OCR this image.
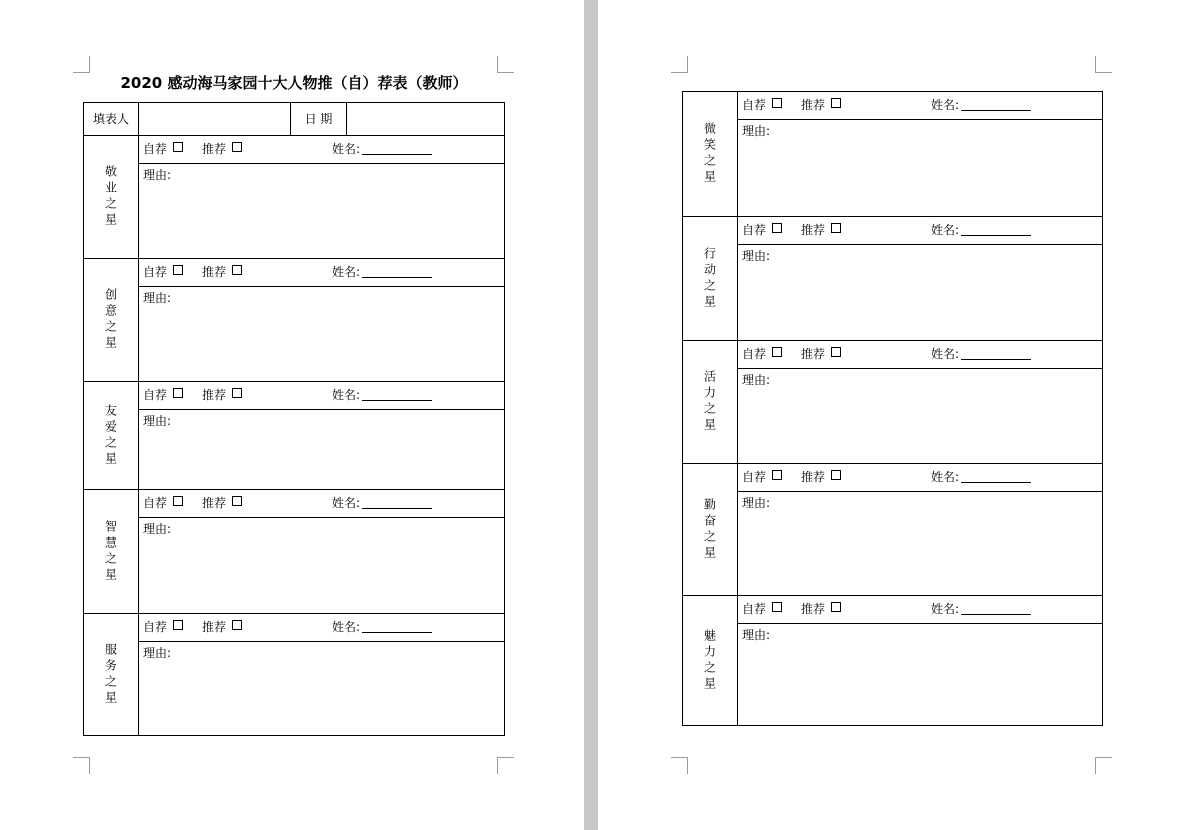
2020 感动海马家园十大人物推（自）荐表（教师）
填表人	日 期
敬业之星
自荐	推荐	姓名:
理由:
创意之星
自荐	推荐	姓名:
理由:
友爱之星
自荐	推荐	姓名:
理由:
智慧之星
自荐	推荐	姓名:
理由:
服务之星
自荐	推荐	姓名:
理由:
微笑之星
自荐	推荐	姓名:
理由:
行动之星
自荐	推荐	姓名:
理由:
活力之星
自荐	推荐	姓名:
理由:
勤奋之星
自荐	推荐	姓名:
理由:
魅力之星
自荐	推荐	姓名:
理由:
